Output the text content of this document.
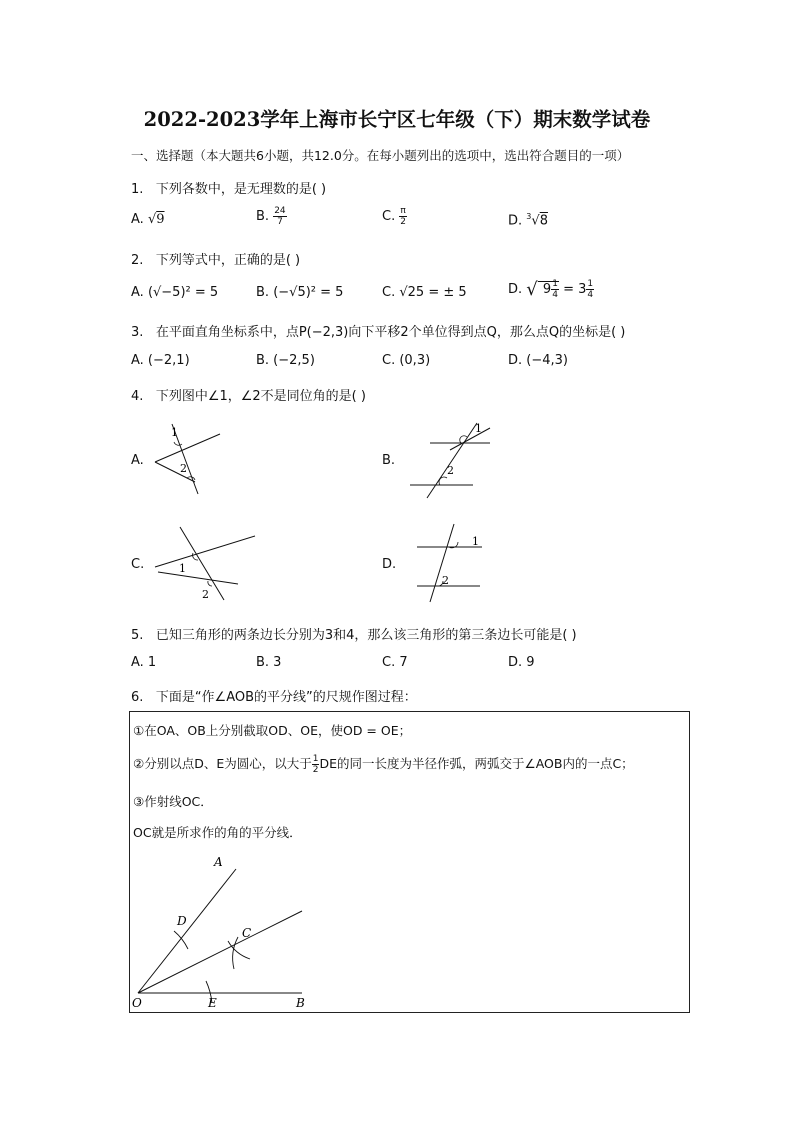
2022-2023学年上海市长宁区七年级（下）期末数学试卷
一、选择题（本大题共6小题，共12.0分。在每小题列出的选项中，选出符合题目的一项）
1. 下列各数中，是无理数的是( )
A. √9	B. $\frac{24}{7}$	C. $\frac{\pi}{2}$	D. $^3$√8
2. 下列等式中，正确的是( )
A. (√−5)² = 5	B. (−√5)² = 5	C. √25 = ± 5	D. √ $9 \frac{1}{4} = 3 \frac{1}{4}$
3. 在平面直角坐标系中，点P(−2,3)向下平移2个单位得到点Q，那么点Q的坐标是( )
A. (−2,1)	B. (−2,5)	C. (0,3)	D. (−4,3)
4. 下列图中∠1，∠2不是同位角的是( )
A.
1
2
B.
1
2
C.	1
2
D.
1
2
5. 已知三角形的两条边长分别为3和4，那么该三角形的第三条边长可能是( )
A. 1	B. 3	C. 7	D. 9
6. 下面是“作∠AOB的平分线”的尺规作图过程：
①在OA、OB上分别截取OD、OE，使OD = OE；
②分别以点D、E为圆心，以大于 $\frac{1}{2}$ DE的同一长度为半径作弧，两弧交于∠AOB内的一点C；
③作射线OC．
OC就是所求作的角的平分线．
A
D
C
O	E	B
